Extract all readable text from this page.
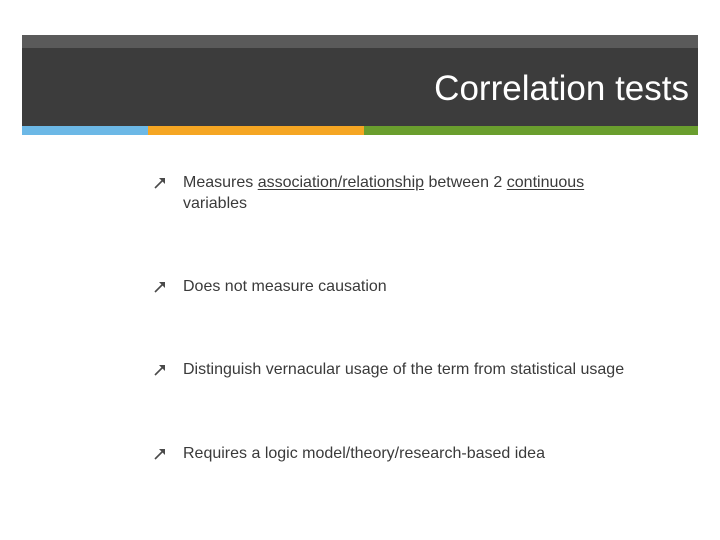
Correlation tests
Measures association/relationship between 2 continuous
variables
Does not measure causation
Distinguish vernacular usage of the term from statistical usage
Requires a logic model/theory/research-based idea
